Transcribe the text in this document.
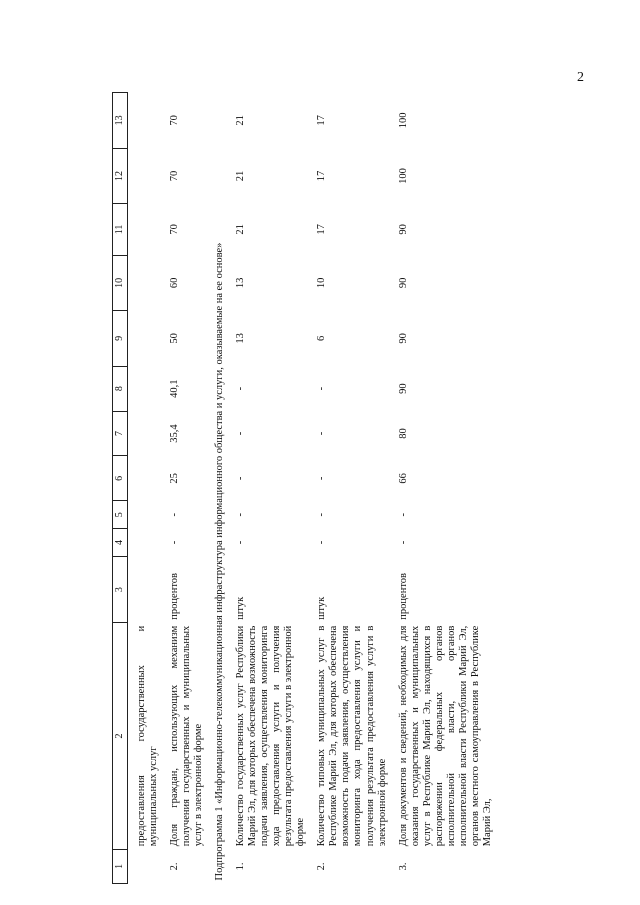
2
1	2	3	4	5	6	7	8	9	10	11	12	13
	предоставления государственных и муниципальных услуг											
2.	Доля граждан, использующих механизм получения государственных и муниципальных услуг в электронной форме	процентов	-	-	25	35,4	40,1	50	60	70	70	70
Подпрограмма 1 «Информационно-телекоммуникационная инфраструктура информационного общества и услуги, оказываемые на ее основе»												
1.	Количество государственных услуг Республики Марий Эл, для которых обеспечена возможность подачи заявления, осуществления мониторинга хода предоставления услуги и получения результата предоставления услуги в электронной форме	штук	-	-	-	-	-	13	13	21	21	21
2.	Количество типовых муниципальных услуг в Республике Марий Эл, для которых обеспечена возможность подачи заявления, осуществления мониторинга хода предоставления услуги и получения результата предоставления услуги в электронной форме	штук	-	-	-	-	-	6	10	17	17	17
3.	Доля документов и сведений, необходимых для оказания государственных и муниципальных услуг в Республике Марий Эл, находящихся в распоряжении федеральных органов исполнительной власти, органов исполнительной власти Республики Марий Эл, органов местного самоуправления в Республике Марий Эл,	процентов	-	-	66	80	90	90	90	90	100	100
